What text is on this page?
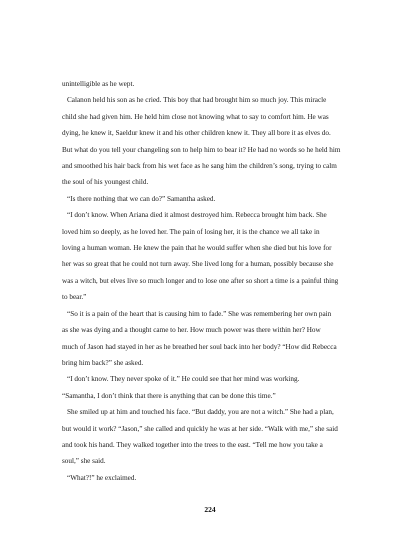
unintelligible as he wept.
Calanon held his son as he cried. This boy that had brought him so much joy. This miracle
child she had given him. He held him close not knowing what to say to comfort him. He was
dying, he knew it, Saeldur knew it and his other children knew it. They all bore it as elves do.
But what do you tell your changeling son to help him to bear it? He had no words so he held him
and smoothed his hair back from his wet face as he sang him the children’s song, trying to calm
the soul of his youngest child.
“Is there nothing that we can do?” Samantha asked.
“I don’t know. When Ariana died it almost destroyed him. Rebecca brought him back. She
loved him so deeply, as he loved her. The pain of losing her, it is the chance we all take in
loving a human woman. He knew the pain that he would suffer when she died but his love for
her was so great that he could not turn away. She lived long for a human, possibly because she
was a witch, but elves live so much longer and to lose one after so short a time is a painful thing
to bear.”
“So it is a pain of the heart that is causing him to fade.” She was remembering her own pain
as she was dying and a thought came to her. How much power was there within her? How
much of Jason had stayed in her as he breathed her soul back into her body? “How did Rebecca
bring him back?” she asked.
“I don’t know. They never spoke of it.” He could see that her mind was working.
“Samantha, I don’t think that there is anything that can be done this time.”
She smiled up at him and touched his face. “But daddy, you are not a witch.” She had a plan,
but would it work? “Jason,” she called and quickly he was at her side. “Walk with me,” she said
and took his hand. They walked together into the trees to the east. “Tell me how you take a
soul,” she said.
“What?!” he exclaimed.
224
